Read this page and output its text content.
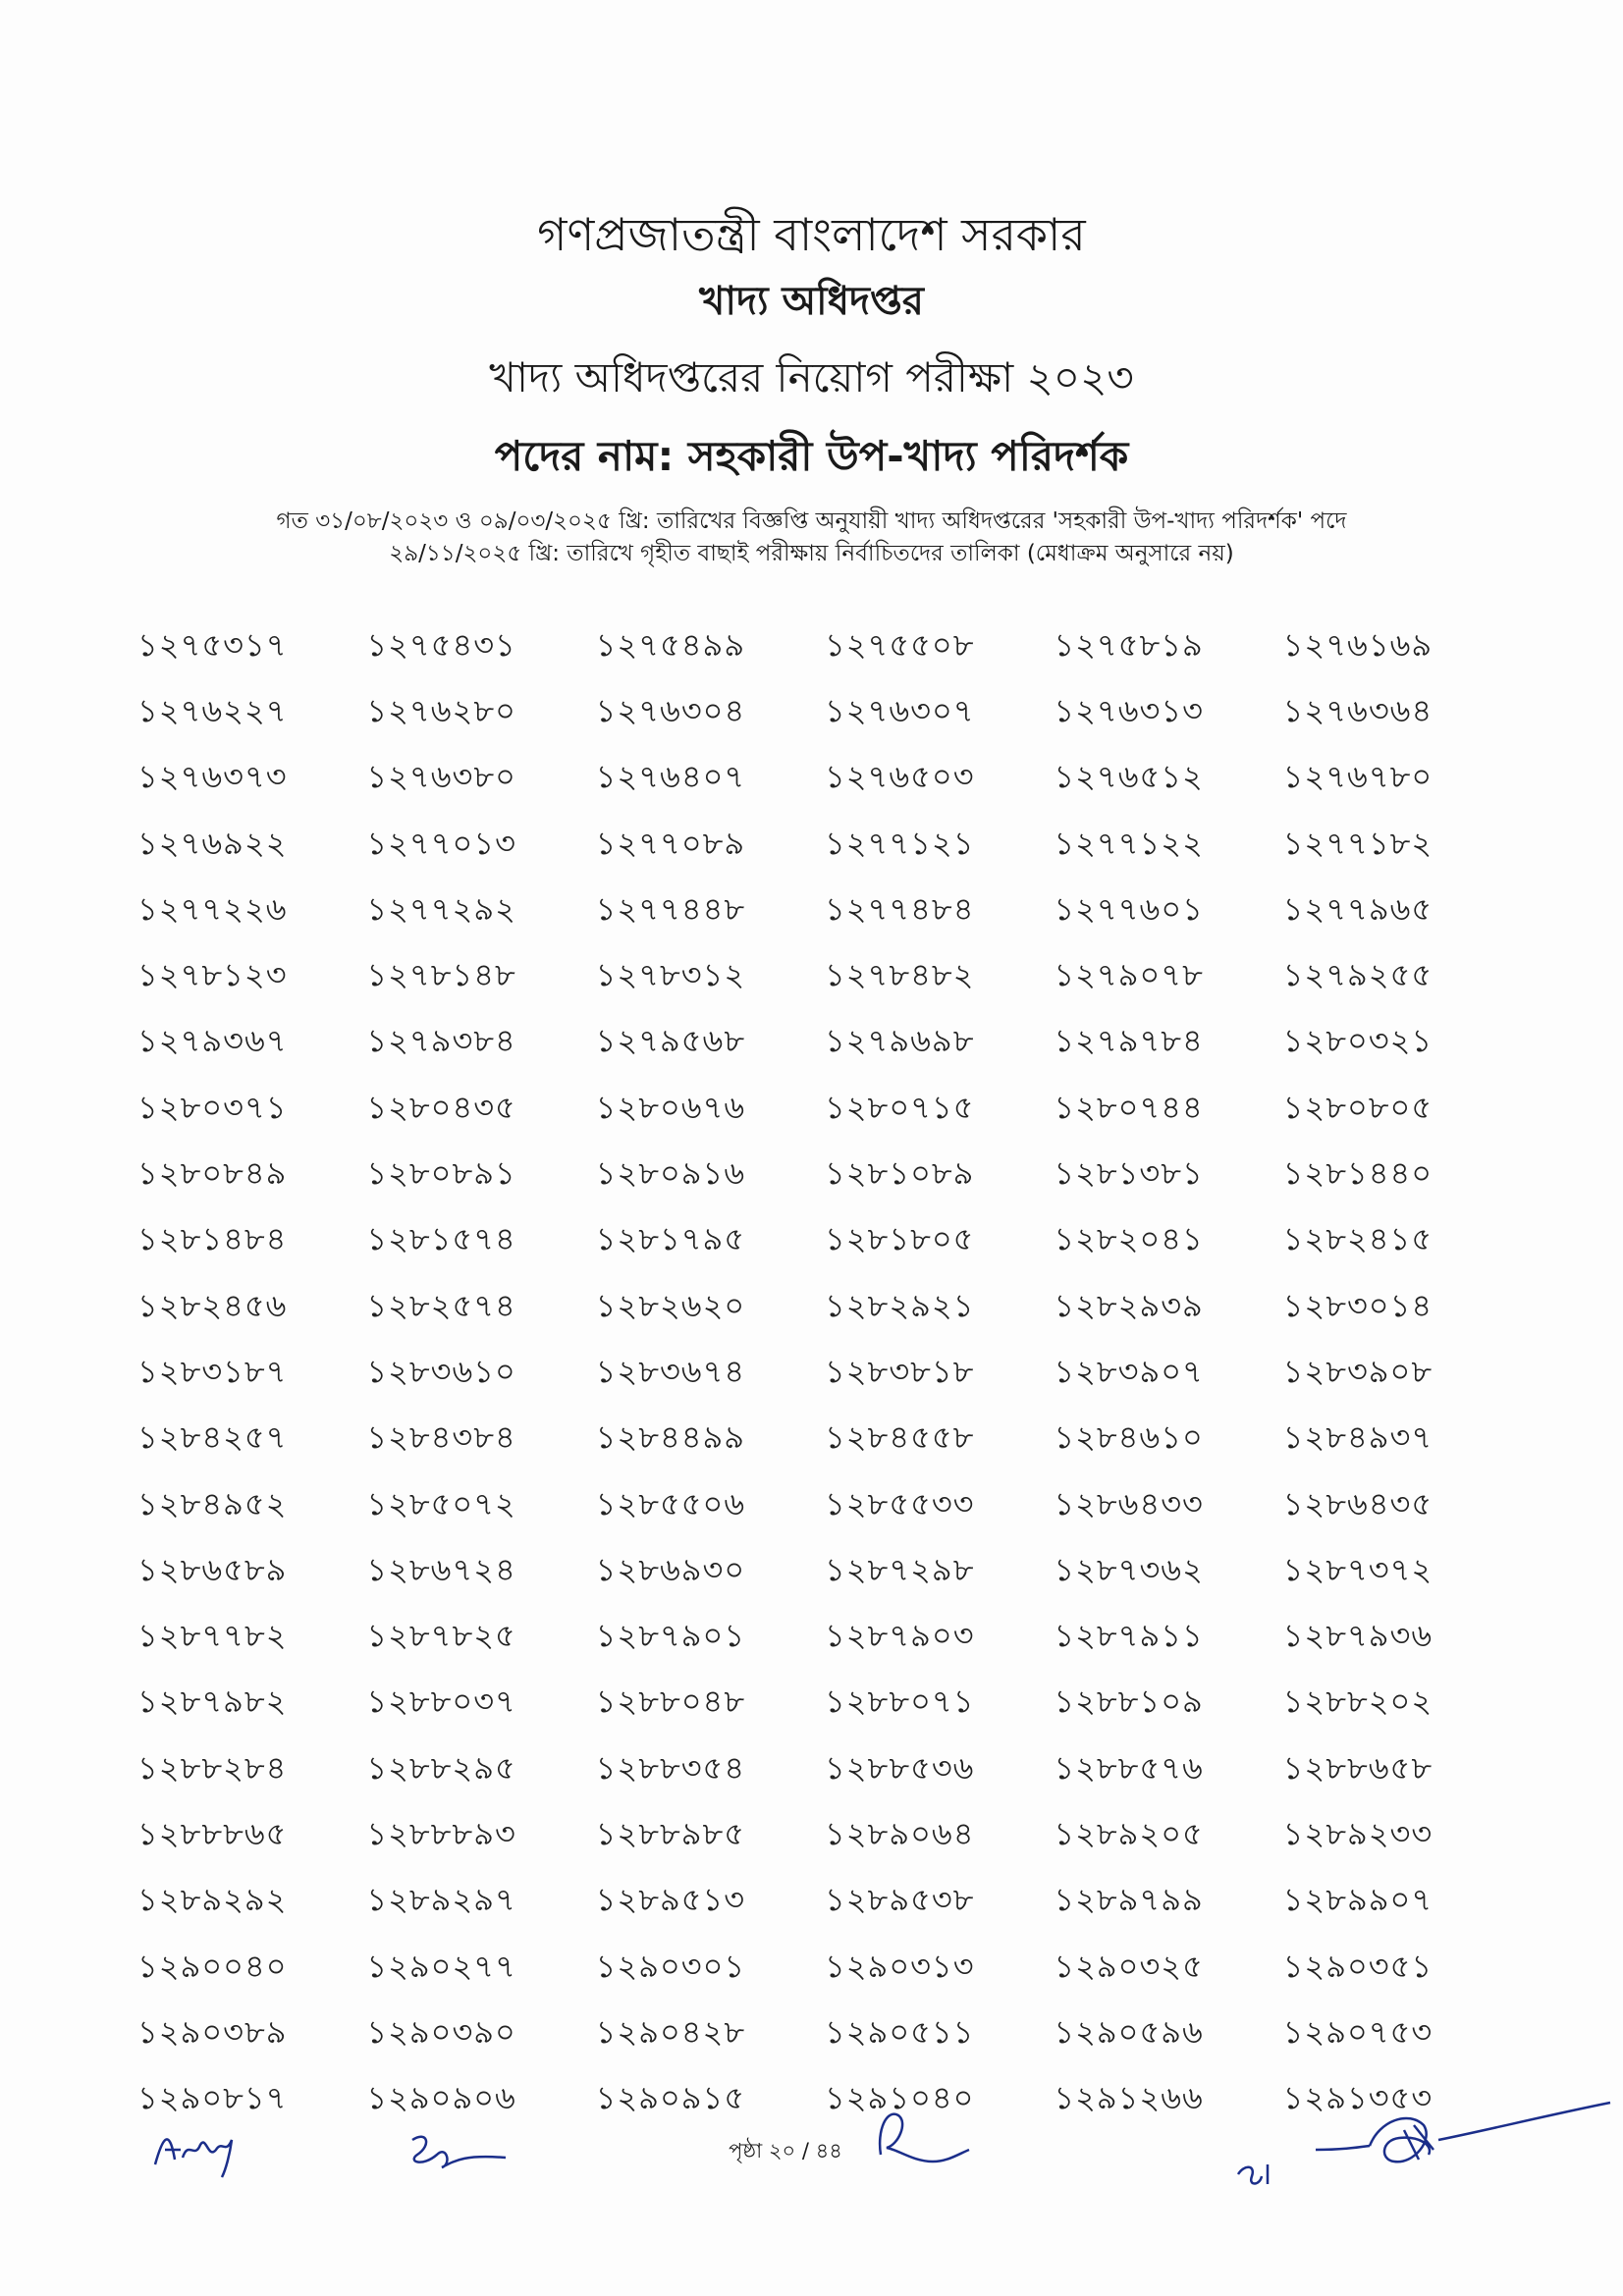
গণপ্রজাতন্ত্রী বাংলাদেশ সরকার
খাদ্য অধিদপ্তর
খাদ্য অধিদপ্তরের নিয়োগ পরীক্ষা ২০২৩
পদের নাম: সহকারী উপ-খাদ্য পরিদর্শক
গত ৩১/০৮/২০২৩ ও ০৯/০৩/২০২৫ খ্রি: তারিখের বিজ্ঞপ্তি অনুযায়ী খাদ্য অধিদপ্তরের 'সহকারী উপ-খাদ্য পরিদর্শক' পদে
২৯/১১/২০২৫ খ্রি: তারিখে গৃহীত বাছাই পরীক্ষায় নির্বাচিতদের তালিকা (মেধাক্রম অনুসারে নয়)
১২৭৫৩১৭	১২৭৫৪৩১	১২৭৫৪৯৯	১২৭৫৫০৮	১২৭৫৮১৯	১২৭৬১৬৯
১২৭৬২২৭	১২৭৬২৮০	১২৭৬৩০৪	১২৭৬৩০৭	১২৭৬৩১৩	১২৭৬৩৬৪
১২৭৬৩৭৩	১২৭৬৩৮০	১২৭৬৪০৭	১২৭৬৫০৩	১২৭৬৫১২	১২৭৬৭৮০
১২৭৬৯২২	১২৭৭০১৩	১২৭৭০৮৯	১২৭৭১২১	১২৭৭১২২	১২৭৭১৮২
১২৭৭২২৬	১২৭৭২৯২	১২৭৭৪৪৮	১২৭৭৪৮৪	১২৭৭৬০১	১২৭৭৯৬৫
১২৭৮১২৩	১২৭৮১৪৮	১২৭৮৩১২	১২৭৮৪৮২	১২৭৯০৭৮	১২৭৯২৫৫
১২৭৯৩৬৭	১২৭৯৩৮৪	১২৭৯৫৬৮	১২৭৯৬৯৮	১২৭৯৭৮৪	১২৮০৩২১
১২৮০৩৭১	১২৮০৪৩৫	১২৮০৬৭৬	১২৮০৭১৫	১২৮০৭৪৪	১২৮০৮০৫
১২৮০৮৪৯	১২৮০৮৯১	১২৮০৯১৬	১২৮১০৮৯	১২৮১৩৮১	১২৮১৪৪০
১২৮১৪৮৪	১২৮১৫৭৪	১২৮১৭৯৫	১২৮১৮০৫	১২৮২০৪১	১২৮২৪১৫
১২৮২৪৫৬	১২৮২৫৭৪	১২৮২৬২০	১২৮২৯২১	১২৮২৯৩৯	১২৮৩০১৪
১২৮৩১৮৭	১২৮৩৬১০	১২৮৩৬৭৪	১২৮৩৮১৮	১২৮৩৯০৭	১২৮৩৯০৮
১২৮৪২৫৭	১২৮৪৩৮৪	১২৮৪৪৯৯	১২৮৪৫৫৮	১২৮৪৬১০	১২৮৪৯৩৭
১২৮৪৯৫২	১২৮৫০৭২	১২৮৫৫০৬	১২৮৫৫৩৩	১২৮৬৪৩৩	১২৮৬৪৩৫
১২৮৬৫৮৯	১২৮৬৭২৪	১২৮৬৯৩০	১২৮৭২৯৮	১২৮৭৩৬২	১২৮৭৩৭২
১২৮৭৭৮২	১২৮৭৮২৫	১২৮৭৯০১	১২৮৭৯০৩	১২৮৭৯১১	১২৮৭৯৩৬
১২৮৭৯৮২	১২৮৮০৩৭	১২৮৮০৪৮	১২৮৮০৭১	১২৮৮১০৯	১২৮৮২০২
১২৮৮২৮৪	১২৮৮২৯৫	১২৮৮৩৫৪	১২৮৮৫৩৬	১২৮৮৫৭৬	১২৮৮৬৫৮
১২৮৮৮৬৫	১২৮৮৮৯৩	১২৮৮৯৮৫	১২৮৯০৬৪	১২৮৯২০৫	১২৮৯২৩৩
১২৮৯২৯২	১২৮৯২৯৭	১২৮৯৫১৩	১২৮৯৫৩৮	১২৮৯৭৯৯	১২৮৯৯০৭
১২৯০০৪০	১২৯০২৭৭	১২৯০৩০১	১২৯০৩১৩	১২৯০৩২৫	১২৯০৩৫১
১২৯০৩৮৯	১২৯০৩৯০	১২৯০৪২৮	১২৯০৫১১	১২৯০৫৯৬	১২৯০৭৫৩
১২৯০৮১৭	১২৯০৯০৬	১২৯০৯১৫	১২৯১০৪০	১২৯১২৬৬	১২৯১৩৫৩
পৃষ্ঠা ২০ / ৪৪
